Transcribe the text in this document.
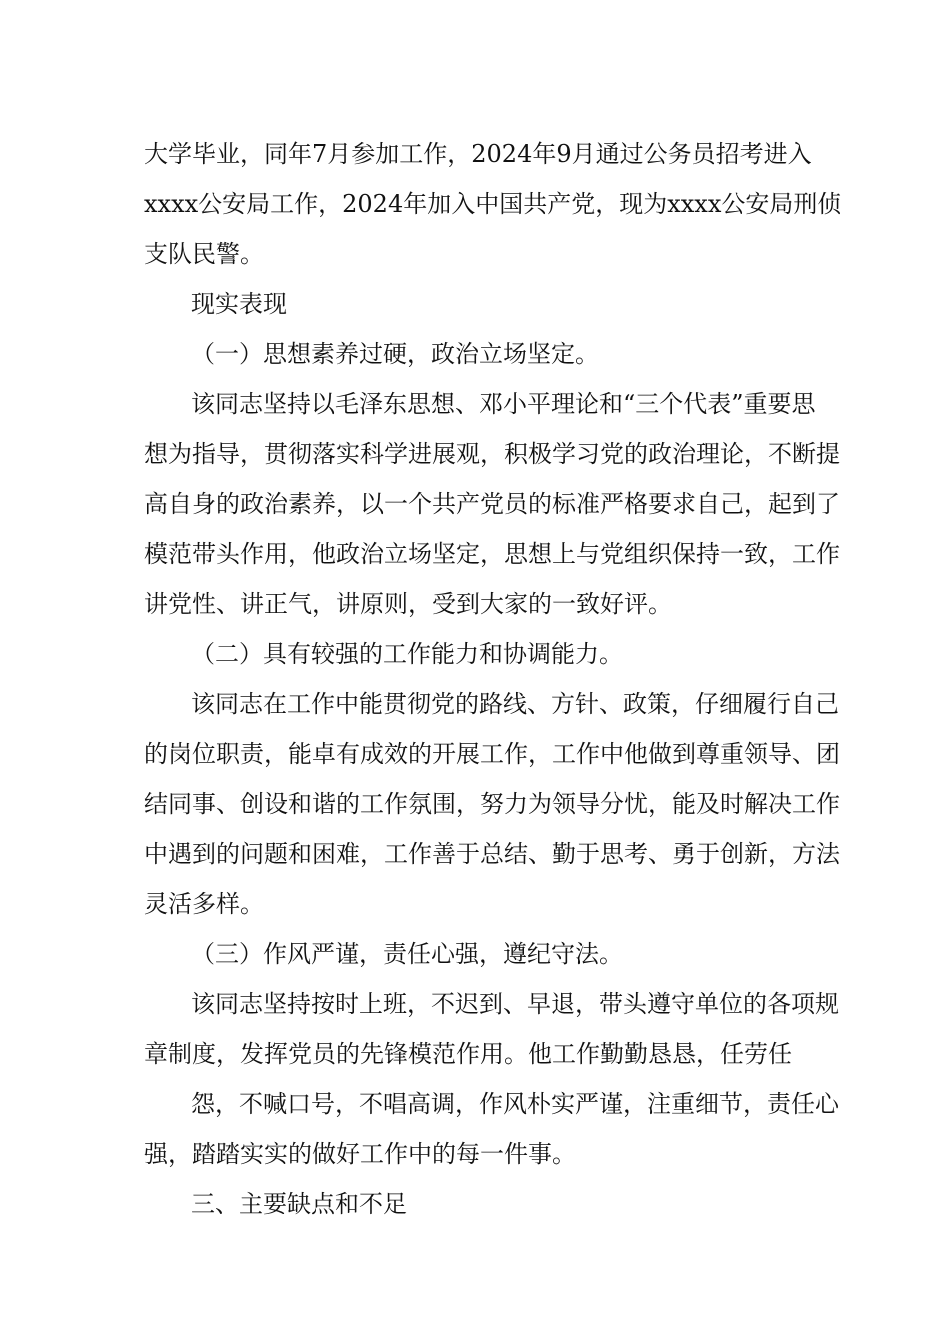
大学毕业，同年7月参加工作，2024年9月通过公务员招考进入

xxxx公安局工作，2024年加入中国共产党，现为xxxx公安局刑侦

支队民警。

现实表现

（一）思想素养过硬，政治立场坚定。

该同志坚持以毛泽东思想、邓小平理论和“三个代表”重要思

想为指导，贯彻落实科学进展观，积极学习党的政治理论，不断提

高自身的政治素养，以一个共产党员的标准严格要求自己，起到了

模范带头作用，他政治立场坚定，思想上与党组织保持一致，工作

讲党性、讲正气，讲原则，受到大家的一致好评。

（二）具有较强的工作能力和协调能力。

该同志在工作中能贯彻党的路线、方针、政策，仔细履行自己

的岗位职责，能卓有成效的开展工作，工作中他做到尊重领导、团

结同事、创设和谐的工作氛围，努力为领导分忧，能及时解决工作

中遇到的问题和困难，工作善于总结、勤于思考、勇于创新，方法

灵活多样。

（三）作风严谨，责任心强，遵纪守法。

该同志坚持按时上班，不迟到、早退，带头遵守单位的各项规

章制度，发挥党员的先锋模范作用。他工作勤勤恳恳，任劳任

怨，不喊口号，不唱高调，作风朴实严谨，注重细节，责任心

强，踏踏实实的做好工作中的每一件事。

三、主要缺点和不足
